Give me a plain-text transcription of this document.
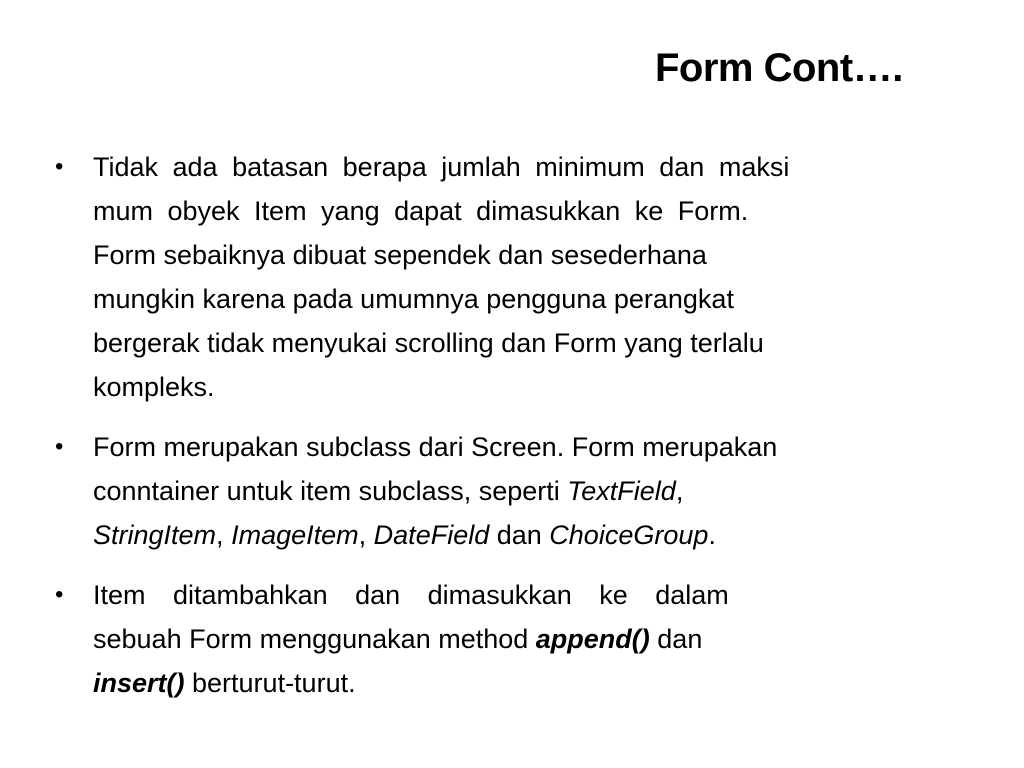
Form Cont….
• Tidak ada batasan berapa jumlah minimum dan maksi
mum obyek Item yang dapat dimasukkan ke Form.
Form sebaiknya dibuat sependek dan sesederhana
mungkin karena pada umumnya pengguna perangkat
bergerak tidak menyukai scrolling dan Form yang terlalu
kompleks.
• Form merupakan subclass dari Screen. Form merupakan
conntainer untuk item subclass, seperti TextField,
StringItem, ImageItem, DateField dan ChoiceGroup.
• Item ditambahkan dan dimasukkan ke dalam
sebuah Form menggunakan method append() dan
insert() berturut-turut.
